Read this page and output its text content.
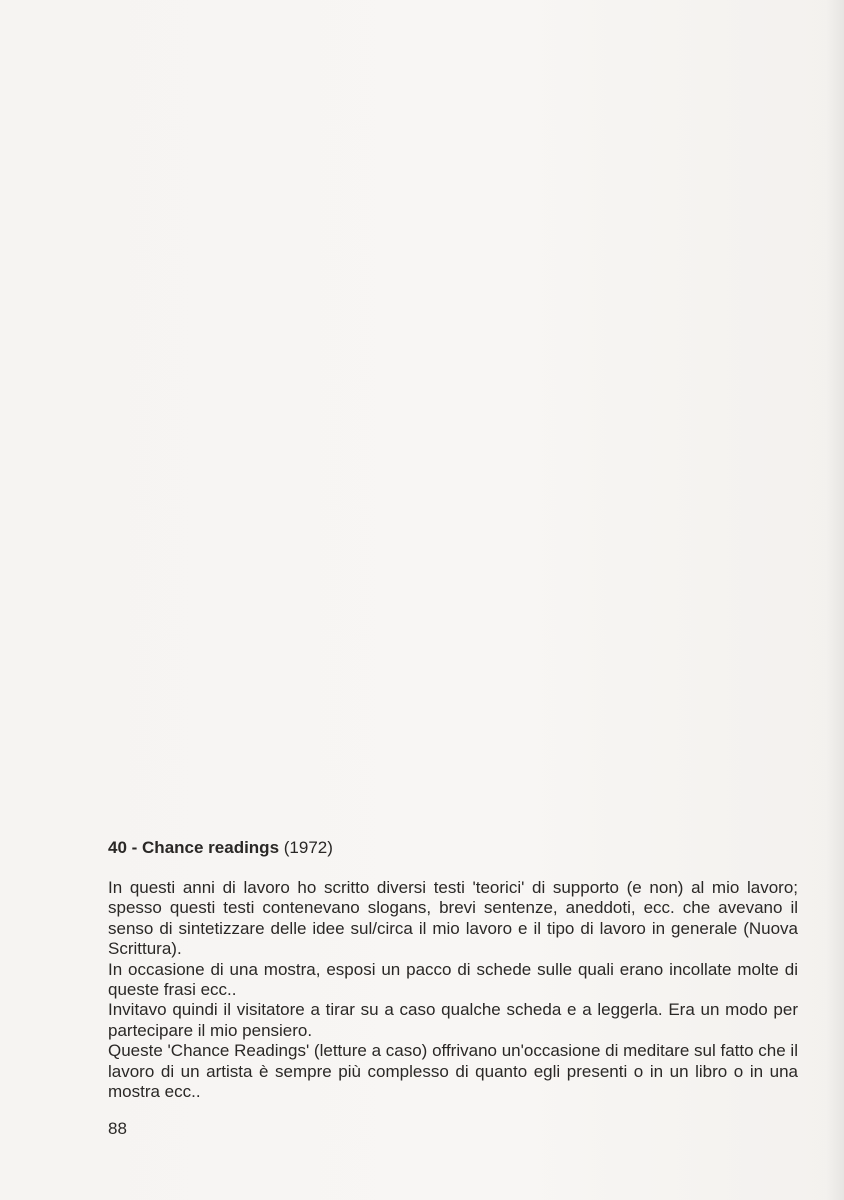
40 - Chance readings (1972)
In questi anni di lavoro ho scritto diversi testi 'teorici' di supporto (e non) al mio lavoro; spesso questi testi contenevano slogans, brevi sentenze, aneddoti, ecc. che avevano il senso di sintetizzare delle idee sul/circa il mio lavoro e il tipo di lavoro in generale (Nuova Scrittura).
In occasione di una mostra, esposi un pacco di schede sulle quali erano incollate molte di queste frasi ecc..
Invitavo quindi il visitatore a tirar su a caso qualche scheda e a leggerla. Era un modo per partecipare il mio pensiero.
Queste 'Chance Readings' (letture a caso) offrivano un'occasione di meditare sul fatto che il lavoro di un artista è sempre più complesso di quanto egli presenti o in un libro o in una mostra ecc..
88
